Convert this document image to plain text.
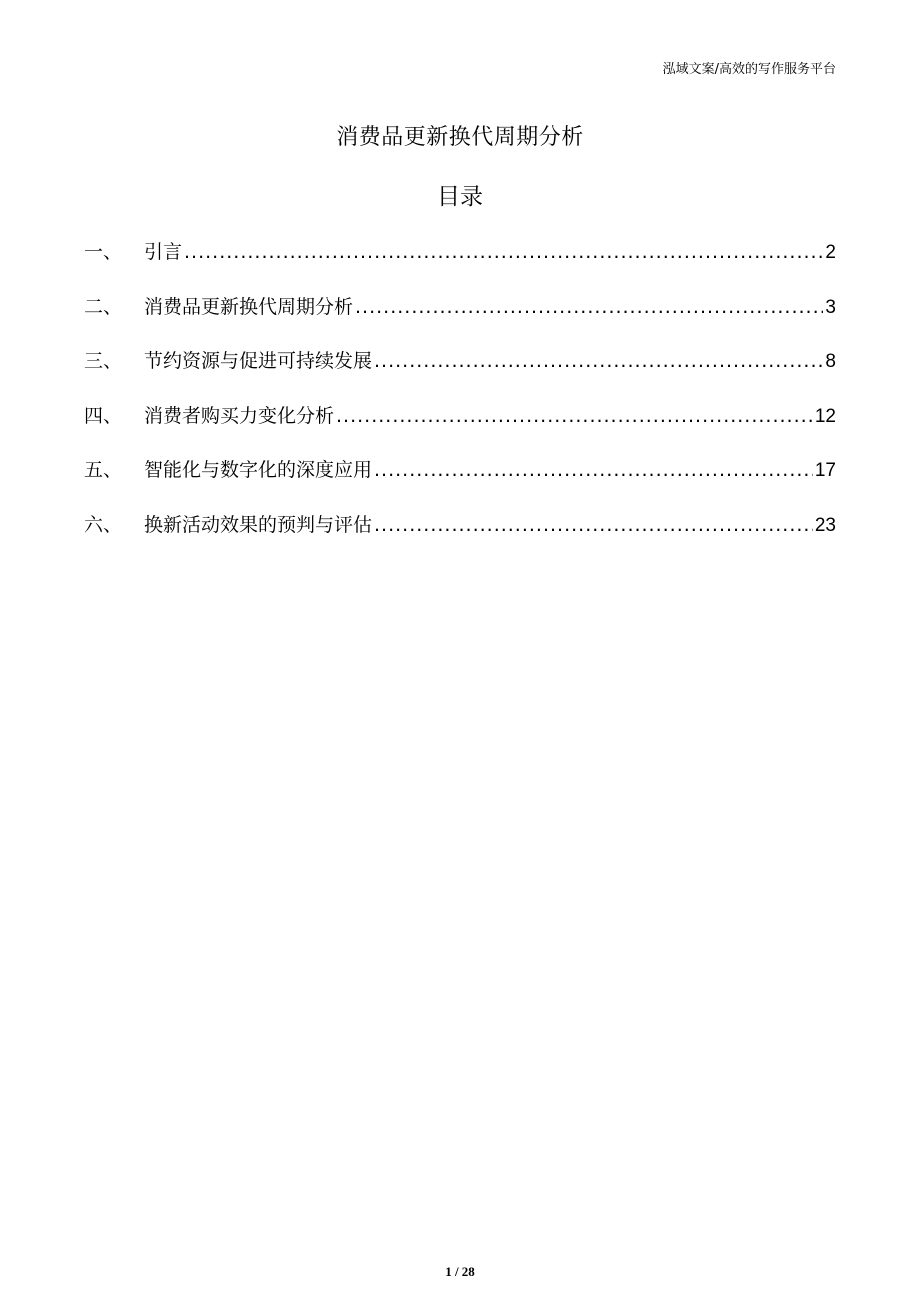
泓域文案/高效的写作服务平台
消费品更新换代周期分析
目录
一、	引言 .....	2
二、	消费品更新换代周期分析 .....	3
三、	节约资源与促进可持续发展 .....	8
四、	消费者购买力变化分析 .....	12
五、	智能化与数字化的深度应用 .....	17
六、	换新活动效果的预判与评估 .....	23
1 / 28
